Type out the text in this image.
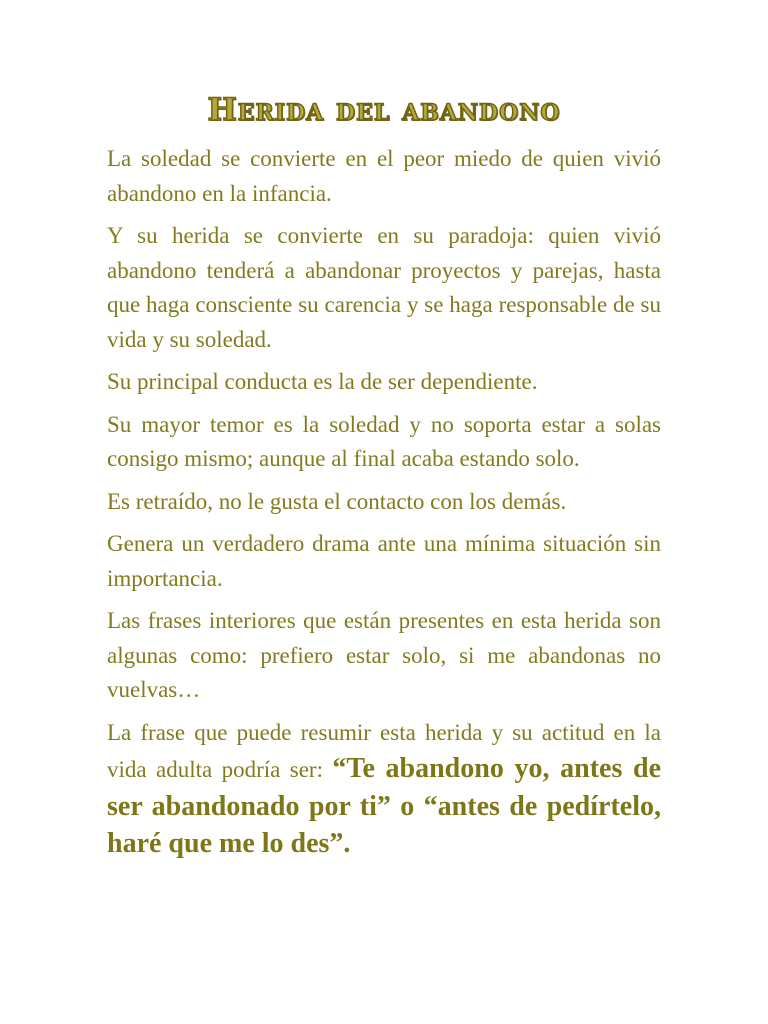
Herida del abandono

La soledad se convierte en el peor miedo de quien vivió abandono en la infancia.

Y su herida se convierte en su paradoja: quien vivió abandono tenderá a abandonar proyectos y parejas, hasta que haga consciente su carencia y se haga responsable de su vida y su soledad.

Su principal conducta es la de ser dependiente.

Su mayor temor es la soledad y no soporta estar a solas consigo mismo; aunque al final acaba estando solo.

Es retraído, no le gusta el contacto con los demás.

Genera un verdadero drama ante una mínima situación sin importancia.

Las frases interiores que están presentes en esta herida son algunas como: prefiero estar solo, si me abandonas no vuelvas…

La frase que puede resumir esta herida y su actitud en la vida adulta podría ser: “Te abandono yo, antes de ser abandonado por ti” o “antes de pedírtelo, haré que me lo des”.
